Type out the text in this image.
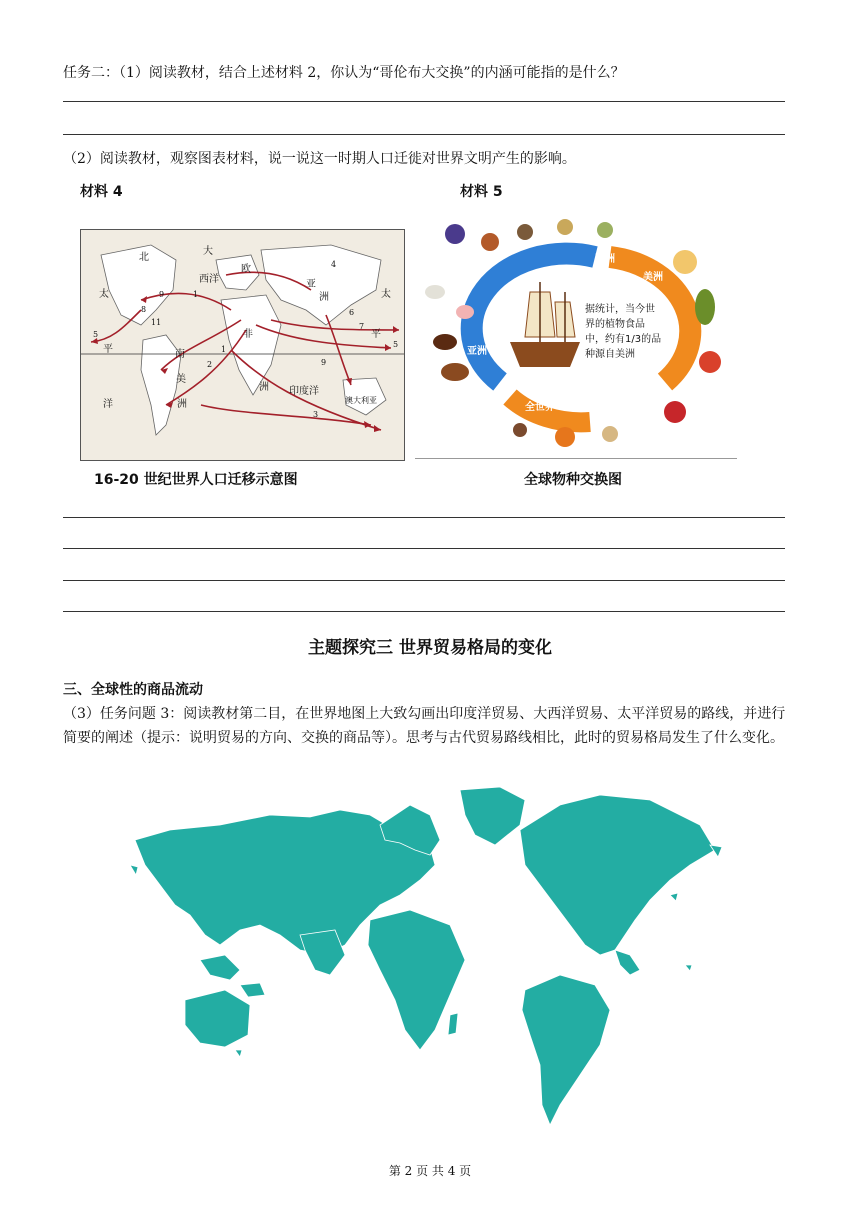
任务二：（1）阅读教材，结合上述材料 2，你认为“哥伦布大交换”的内涵可能指的是什么？
（2）阅读教材，观察图表材料，说一说这一时期人口迁徙对世界文明产生的影响。
材料 4	材料 5
北
大
西洋	亚
洲
太
平
太
欧
非
南
美
洲
洲 印度洋
澳大利亚
平
洋
5
5
1
1
2
3
4
6
7
8
9
11
9
据统计，当今世界的植物食品中，约有1/3的品种源自美洲
亚洲
欧洲
美洲
非洲
全世界
16-20 世纪世界人口迁移示意图	全球物种交换图
主题探究三 世界贸易格局的变化
三、全球性的商品流动
（3）任务问题 3：阅读教材第二目，在世界地图上大致勾画出印度洋贸易、大西洋贸易、太平洋贸易的路线，并进行简要的阐述（提示：说明贸易的方向、交换的商品等）。思考与古代贸易路线相比，此时的贸易格局发生了什么变化。
第 2 页 共 4 页
